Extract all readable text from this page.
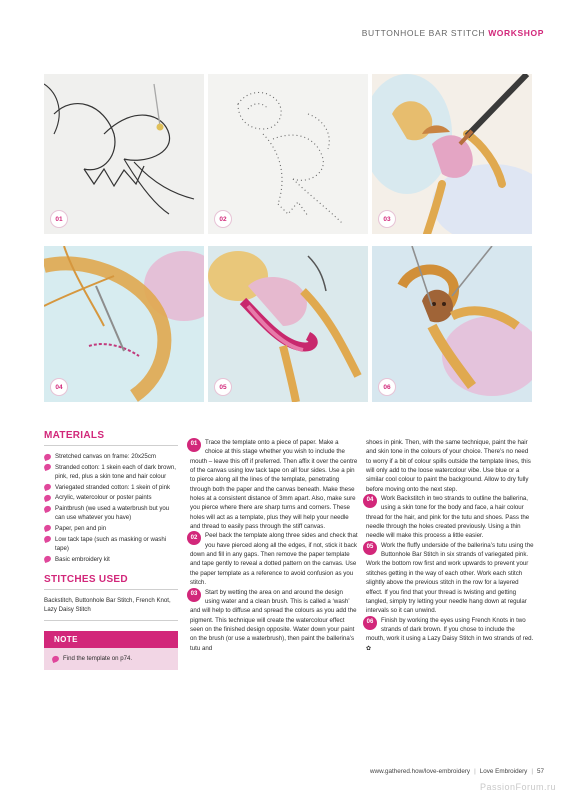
BUTTONHOLE BAR STITCH WORKSHOP
01	02	03
04	05	06
MATERIALS
Stretched canvas on frame: 20x25cm
Stranded cotton: 1 skein each of dark brown, pink, red, plus a skin tone and hair colour
Variegated stranded cotton: 1 skein of pink
Acrylic, watercolour or poster paints
Paintbrush (we used a waterbrush but you can use whatever you have)
Paper, pen and pin
Low tack tape (such as masking or washi tape)
Basic embroidery kit
STITCHES USED
Backstitch, Buttonhole Bar Stitch, French Knot, Lazy Daisy Stitch
NOTE
Find the template on p74.

01	Trace the template onto a piece of paper. Make a choice at this stage whether you wish to include the mouth – leave this off if preferred. Then affix it over the centre of the canvas using low tack tape on all four sides. Use a pin to pierce along all the lines of the template, penetrating through both the paper and the canvas beneath. Make these holes at a consistent distance of 3mm apart. Also, make sure you pierce where there are sharp turns and corners. These holes will act as a template, plus they will help your needle and thread to easily pass through the stiff canvas.

02	Peel back the template along three sides and check that you have pierced along all the edges, if not, stick it back down and fill in any gaps. Then remove the paper template and tape gently to reveal a dotted pattern on the canvas. Use the paper template as a reference to avoid confusion as you stitch.

03	Start by wetting the area on and around the design using water and a clean brush. This is called a ‘wash’ and will help to diffuse and spread the colours as you add the pigment. This technique will create the watercolour effect seen on the finished design opposite. Water down your paint on the brush (or use a waterbrush), then paint the ballerina’s tutu and

shoes in pink. Then, with the same technique, paint the hair and skin tone in the colours of your choice. There’s no need to worry if a bit of colour spills outside the template lines, this will only add to the loose watercolour vibe. Use blue or a similar cool colour to paint the background. Allow to dry fully before moving onto the next step.

04	Work Backstitch in two strands to outline the ballerina, using a skin tone for the body and face, a hair colour thread for the hair, and pink for the tutu and shoes. Pass the needle through the holes created previously. Using a thin needle will make this process a little easier.

05	Work the fluffy underside of the ballerina’s tutu using the Buttonhole Bar Stitch in six strands of variegated pink. Work the bottom row first and work upwards to prevent your stitches getting in the way of each other. Work each stitch slightly above the previous stitch in the row for a layered effect. If you find that your thread is twisting and getting tangled, simply try letting your needle hang down at regular intervals so it can unwind.

06	Finish by working the eyes using French Knots in two strands of dark brown. If you chose to include the mouth, work it using a Lazy Daisy Stitch in two strands of red. ✿

www.gathered.how/love-embroidery | Love Embroidery | 57
PassionForum.ru
